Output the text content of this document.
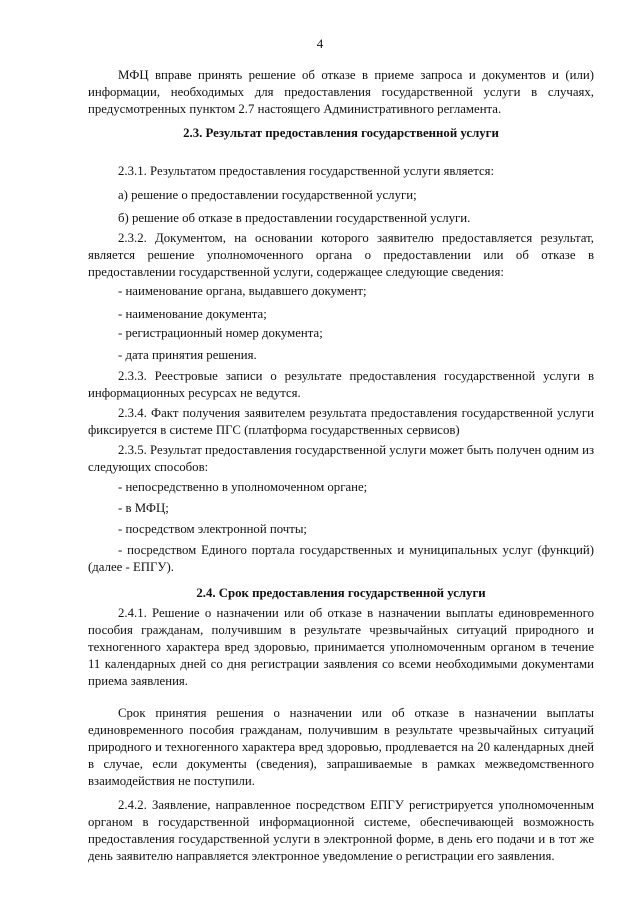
4

МФЦ вправе принять решение об отказе в приеме запроса и документов и (или) информации, необходимых для предоставления государственной услуги в случаях, предусмотренных пунктом 2.7 настоящего Административного регламента.

2.3. Результат предоставления государственной услуги

2.3.1. Результатом предоставления государственной услуги является:

а) решение о предоставлении государственной услуги;
б) решение об отказе в предоставлении государственной услуги.

2.3.2. Документом, на основании которого заявителю предоставляется результат, является решение уполномоченного органа о предоставлении или об отказе в предоставлении государственной услуги, содержащее следующие сведения:

- наименование органа, выдавшего документ;
- наименование документа;
- регистрационный номер документа;
- дата принятия решения.

2.3.3. Реестровые записи о результате предоставления государственной услуги в информационных ресурсах не ведутся.

2.3.4. Факт получения заявителем результата предоставления государственной услуги фиксируется в системе ПГС (платформа государственных сервисов)

2.3.5. Результат предоставления государственной услуги может быть получен одним из следующих способов:

- непосредственно в уполномоченном органе;
- в МФЦ;
- посредством электронной почты;

- посредством Единого портала государственных и муниципальных услуг (функций) (далее - ЕПГУ).

2.4. Срок предоставления государственной услуги

2.4.1. Решение о назначении или об отказе в назначении выплаты единовременного пособия гражданам, получившим в результате чрезвычайных ситуаций природного и техногенного характера вред здоровью, принимается уполномоченным органом в течение 11 календарных дней со дня регистрации заявления со всеми необходимыми документами приема заявления.

Срок принятия решения о назначении или об отказе в назначении выплаты единовременного пособия гражданам, получившим в результате чрезвычайных ситуаций природного и техногенного характера вред здоровью, продлевается на 20 календарных дней в случае, если документы (сведения), запрашиваемые в рамках межведомственного взаимодействия не поступили.

2.4.2. Заявление, направленное посредством ЕПГУ регистрируется уполномоченным органом в государственной информационной системе, обеспечивающей возможность предоставления государственной услуги в электронной форме, в день его подачи и в тот же день заявителю направляется электронное уведомление о регистрации его заявления.
